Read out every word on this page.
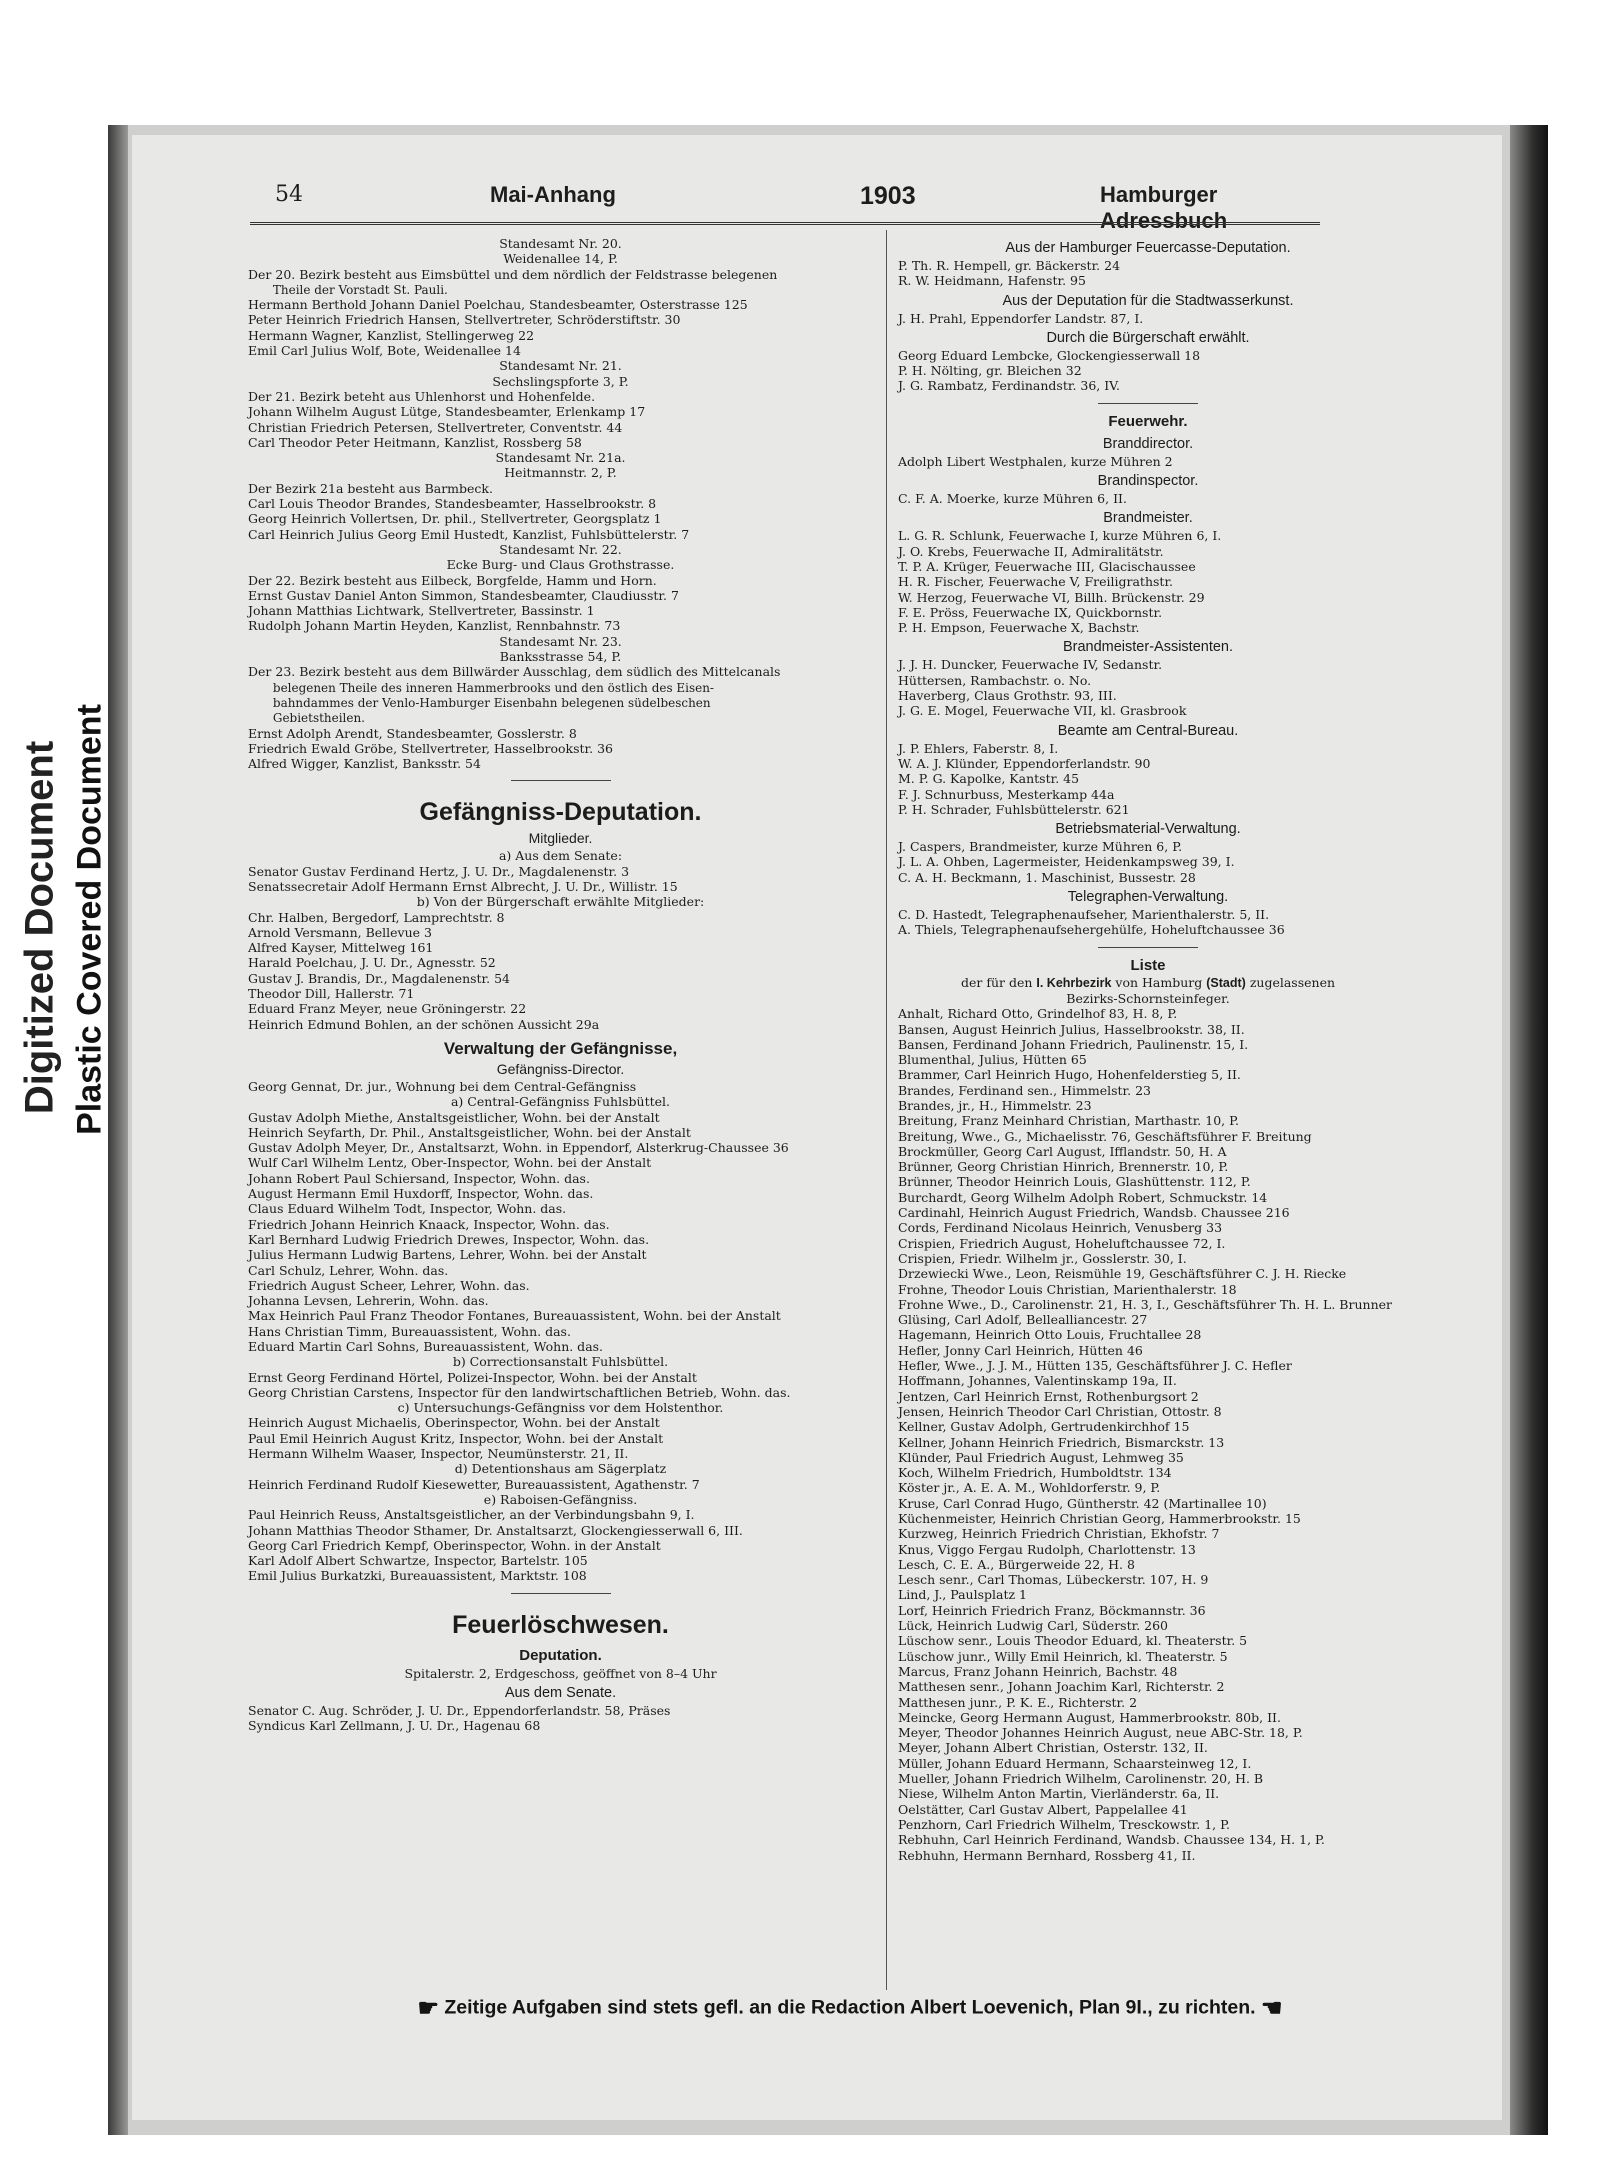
Digitized Document Plastic Covered Document
54	Mai-Anhang	1903	Hamburger Adressbuch

Standesamt Nr. 20.

Weidenallee 14, P.

Der 20. Bezirk besteht aus Eimsbüttel und dem nördlich der Feldstrasse belegenen

Theile der Vorstadt St. Pauli.

Hermann Berthold Johann Daniel Poelchau, Standesbeamter, Osterstrasse 125

Peter Heinrich Friedrich Hansen, Stellvertreter, Schröderstiftstr. 30

Hermann Wagner, Kanzlist, Stellingerweg 22

Emil Carl Julius Wolf, Bote, Weidenallee 14

Standesamt Nr. 21.

Sechslingspforte 3, P.

Der 21. Bezirk beteht aus Uhlenhorst und Hohenfelde.

Johann Wilhelm August Lütge, Standesbeamter, Erlenkamp 17

Christian Friedrich Petersen, Stellvertreter, Conventstr. 44

Carl Theodor Peter Heitmann, Kanzlist, Rossberg 58

Standesamt Nr. 21a.

Heitmannstr. 2, P.

Der Bezirk 21a besteht aus Barmbeck.

Carl Louis Theodor Brandes, Standesbeamter, Hasselbrookstr. 8

Georg Heinrich Vollertsen, Dr. phil., Stellvertreter, Georgsplatz 1

Carl Heinrich Julius Georg Emil Hustedt, Kanzlist, Fuhlsbüttelerstr. 7

Standesamt Nr. 22.

Ecke Burg- und Claus Grothstrasse.

Der 22. Bezirk besteht aus Eilbeck, Borgfelde, Hamm und Horn.

Ernst Gustav Daniel Anton Simmon, Standesbeamter, Claudiusstr. 7

Johann Matthias Lichtwark, Stellvertreter, Bassinstr. 1

Rudolph Johann Martin Heyden, Kanzlist, Rennbahnstr. 73

Standesamt Nr. 23.

Banksstrasse 54, P.

Der 23. Bezirk besteht aus dem Billwärder Ausschlag, dem südlich des Mittelcanals

belegenen Theile des inneren Hammerbrooks und den östlich des Eisen-

bahndammes der Venlo-Hamburger Eisenbahn belegenen südelbeschen

Gebietstheilen.

Ernst Adolph Arendt, Standesbeamter, Gosslerstr. 8

Friedrich Ewald Gröbe, Stellvertreter, Hasselbrookstr. 36

Alfred Wigger, Kanzlist, Banksstr. 54

Gefängniss-Deputation.

Mitglieder.

a) Aus dem Senate:

Senator Gustav Ferdinand Hertz, J. U. Dr., Magdalenenstr. 3

Senatssecretair Adolf Hermann Ernst Albrecht, J. U. Dr., Willistr. 15

b) Von der Bürgerschaft erwählte Mitglieder:

Chr. Halben, Bergedorf, Lamprechtstr. 8

Arnold Versmann, Bellevue 3

Alfred Kayser, Mittelweg 161

Harald Poelchau, J. U. Dr., Agnesstr. 52

Gustav J. Brandis, Dr., Magdalenenstr. 54

Theodor Dill, Hallerstr. 71

Eduard Franz Meyer, neue Gröningerstr. 22

Heinrich Edmund Bohlen, an der schönen Aussicht 29a

Verwaltung der Gefängnisse,

Gefängniss-Director.

Georg Gennat, Dr. jur., Wohnung bei dem Central-Gefängniss

a) Central-Gefängniss Fuhlsbüttel.

Gustav Adolph Miethe, Anstaltsgeistlicher, Wohn. bei der Anstalt

Heinrich Seyfarth, Dr. Phil., Anstaltsgeistlicher, Wohn. bei der Anstalt

Gustav Adolph Meyer, Dr., Anstaltsarzt, Wohn. in Eppendorf, Alsterkrug-Chaussee 36

Wulf Carl Wilhelm Lentz, Ober-Inspector, Wohn. bei der Anstalt

Johann Robert Paul Schiersand, Inspector, Wohn. das.

August Hermann Emil Huxdorff, Inspector, Wohn. das.

Claus Eduard Wilhelm Todt, Inspector, Wohn. das.

Friedrich Johann Heinrich Knaack, Inspector, Wohn. das.

Karl Bernhard Ludwig Friedrich Drewes, Inspector, Wohn. das.

Julius Hermann Ludwig Bartens, Lehrer, Wohn. bei der Anstalt

Carl Schulz, Lehrer, Wohn. das.

Friedrich August Scheer, Lehrer, Wohn. das.

Johanna Levsen, Lehrerin, Wohn. das.

Max Heinrich Paul Franz Theodor Fontanes, Bureauassistent, Wohn. bei der Anstalt

Hans Christian Timm, Bureauassistent, Wohn. das.

Eduard Martin Carl Sohns, Bureauassistent, Wohn. das.

b) Correctionsanstalt Fuhlsbüttel.

Ernst Georg Ferdinand Hörtel, Polizei-Inspector, Wohn. bei der Anstalt

Georg Christian Carstens, Inspector für den landwirtschaftlichen Betrieb, Wohn. das.

c) Untersuchungs-Gefängniss vor dem Holstenthor.

Heinrich August Michaelis, Oberinspector, Wohn. bei der Anstalt

Paul Emil Heinrich August Kritz, Inspector, Wohn. bei der Anstalt

Hermann Wilhelm Waaser, Inspector, Neumünsterstr. 21, II.

d) Detentionshaus am Sägerplatz

Heinrich Ferdinand Rudolf Kiesewetter, Bureauassistent, Agathenstr. 7

e) Raboisen-Gefängniss.

Paul Heinrich Reuss, Anstaltsgeistlicher, an der Verbindungsbahn 9, I.

Johann Matthias Theodor Sthamer, Dr. Anstaltsarzt, Glockengiesserwall 6, III.

Georg Carl Friedrich Kempf, Oberinspector, Wohn. in der Anstalt

Karl Adolf Albert Schwartze, Inspector, Bartelstr. 105

Emil Julius Burkatzki, Bureauassistent, Marktstr. 108

Feuerlöschwesen.

Deputation.

Spitalerstr. 2, Erdgeschoss, geöffnet von 8–4 Uhr

Aus dem Senate.

Senator C. Aug. Schröder, J. U. Dr., Eppendorferlandstr. 58, Präses

Syndicus Karl Zellmann, J. U. Dr., Hagenau 68

Aus der Hamburger Feuercasse-Deputation.

P. Th. R. Hempell, gr. Bäckerstr. 24

R. W. Heidmann, Hafenstr. 95

Aus der Deputation für die Stadtwasserkunst.

J. H. Prahl, Eppendorfer Landstr. 87, I.

Durch die Bürgerschaft erwählt.

Georg Eduard Lembcke, Glockengiesserwall 18

P. H. Nölting, gr. Bleichen 32

J. G. Rambatz, Ferdinandstr. 36, IV.

Feuerwehr.

Branddirector.

Adolph Libert Westphalen, kurze Mühren 2

Brandinspector.

C. F. A. Moerke, kurze Mühren 6, II.

Brandmeister.

L. G. R. Schlunk, Feuerwache I, kurze Mühren 6, I.

J. O. Krebs, Feuerwache II, Admiralitätstr.

T. P. A. Krüger, Feuerwache III, Glacischaussee

H. R. Fischer, Feuerwache V, Freiligrathstr.

W. Herzog, Feuerwache VI, Billh. Brückenstr. 29

F. E. Pröss, Feuerwache IX, Quickbornstr.

P. H. Empson, Feuerwache X, Bachstr.

Brandmeister-Assistenten.

J. J. H. Duncker, Feuerwache IV, Sedanstr.

Hüttersen, Rambachstr. o. No.

Haverberg, Claus Grothstr. 93, III.

J. G. E. Mogel, Feuerwache VII, kl. Grasbrook

Beamte am Central-Bureau.

J. P. Ehlers, Faberstr. 8, I.

W. A. J. Klünder, Eppendorferlandstr. 90

M. P. G. Kapolke, Kantstr. 45

F. J. Schnurbuss, Mesterkamp 44a

P. H. Schrader, Fuhlsbüttelerstr. 621

Betriebsmaterial-Verwaltung.

J. Caspers, Brandmeister, kurze Mühren 6, P.

J. L. A. Ohben, Lagermeister, Heidenkampsweg 39, I.

C. A. H. Beckmann, 1. Maschinist, Bussestr. 28

Telegraphen-Verwaltung.

C. D. Hastedt, Telegraphenaufseher, Marienthalerstr. 5, II.

A. Thiels, Telegraphenaufsehergehülfe, Hoheluftchaussee 36

Liste

der für den I. Kehrbezirk von Hamburg (Stadt) zugelassenen

Bezirks-Schornsteinfeger.

Anhalt, Richard Otto, Grindelhof 83, H. 8, P.

Bansen, August Heinrich Julius, Hasselbrookstr. 38, II.

Bansen, Ferdinand Johann Friedrich, Paulinenstr. 15, I.

Blumenthal, Julius, Hütten 65

Brammer, Carl Heinrich Hugo, Hohenfelderstieg 5, II.

Brandes, Ferdinand sen., Himmelstr. 23

Brandes, jr., H., Himmelstr. 23

Breitung, Franz Meinhard Christian, Marthastr. 10, P.

Breitung, Wwe., G., Michaelisstr. 76, Geschäftsführer F. Breitung

Brockmüller, Georg Carl August, Ifflandstr. 50, H. A

Brünner, Georg Christian Hinrich, Brennerstr. 10, P.

Brünner, Theodor Heinrich Louis, Glashüttenstr. 112, P.

Burchardt, Georg Wilhelm Adolph Robert, Schmuckstr. 14

Cardinahl, Heinrich August Friedrich, Wandsb. Chaussee 216

Cords, Ferdinand Nicolaus Heinrich, Venusberg 33

Crispien, Friedrich August, Hoheluftchaussee 72, I.

Crispien, Friedr. Wilhelm jr., Gosslerstr. 30, I.

Drzewiecki Wwe., Leon, Reismühle 19, Geschäftsführer C. J. H. Riecke

Frohne, Theodor Louis Christian, Marienthalerstr. 18

Frohne Wwe., D., Carolinenstr. 21, H. 3, I., Geschäftsführer Th. H. L. Brunner

Glüsing, Carl Adolf, Bellealliancestr. 27

Hagemann, Heinrich Otto Louis, Fruchtallee 28

Hefler, Jonny Carl Heinrich, Hütten 46

Hefler, Wwe., J. J. M., Hütten 135, Geschäftsführer J. C. Hefler

Hoffmann, Johannes, Valentinskamp 19a, II.

Jentzen, Carl Heinrich Ernst, Rothenburgsort 2

Jensen, Heinrich Theodor Carl Christian, Ottostr. 8

Kellner, Gustav Adolph, Gertrudenkirchhof 15

Kellner, Johann Heinrich Friedrich, Bismarckstr. 13

Klünder, Paul Friedrich August, Lehmweg 35

Koch, Wilhelm Friedrich, Humboldtstr. 134

Köster jr., A. E. A. M., Wohldorferstr. 9, P.

Kruse, Carl Conrad Hugo, Güntherstr. 42 (Martinallee 10)

Küchenmeister, Heinrich Christian Georg, Hammerbrookstr. 15

Kurzweg, Heinrich Friedrich Christian, Ekhofstr. 7

Knus, Viggo Fergau Rudolph, Charlottenstr. 13

Lesch, C. E. A., Bürgerweide 22, H. 8

Lesch senr., Carl Thomas, Lübeckerstr. 107, H. 9

Lind, J., Paulsplatz 1

Lorf, Heinrich Friedrich Franz, Böckmannstr. 36

Lück, Heinrich Ludwig Carl, Süderstr. 260

Lüschow senr., Louis Theodor Eduard, kl. Theaterstr. 5

Lüschow junr., Willy Emil Heinrich, kl. Theaterstr. 5

Marcus, Franz Johann Heinrich, Bachstr. 48

Matthesen senr., Johann Joachim Karl, Richterstr. 2

Matthesen junr., P. K. E., Richterstr. 2

Meincke, Georg Hermann August, Hammerbrookstr. 80b, II.

Meyer, Theodor Johannes Heinrich August, neue ABC-Str. 18, P.

Meyer, Johann Albert Christian, Osterstr. 132, II.

Müller, Johann Eduard Hermann, Schaarsteinweg 12, I.

Mueller, Johann Friedrich Wilhelm, Carolinenstr. 20, H. B

Niese, Wilhelm Anton Martin, Vierländerstr. 6a, II.

Oelstätter, Carl Gustav Albert, Pappelallee 41

Penzhorn, Carl Friedrich Wilhelm, Tresckowstr. 1, P.

Rebhuhn, Carl Heinrich Ferdinand, Wandsb. Chaussee 134, H. 1, P.

Rebhuhn, Hermann Bernhard, Rossberg 41, II.

☛ Zeitige Aufgaben sind stets gefl. an die Redaction Albert Loevenich, Plan 9I., zu richten. ☚
